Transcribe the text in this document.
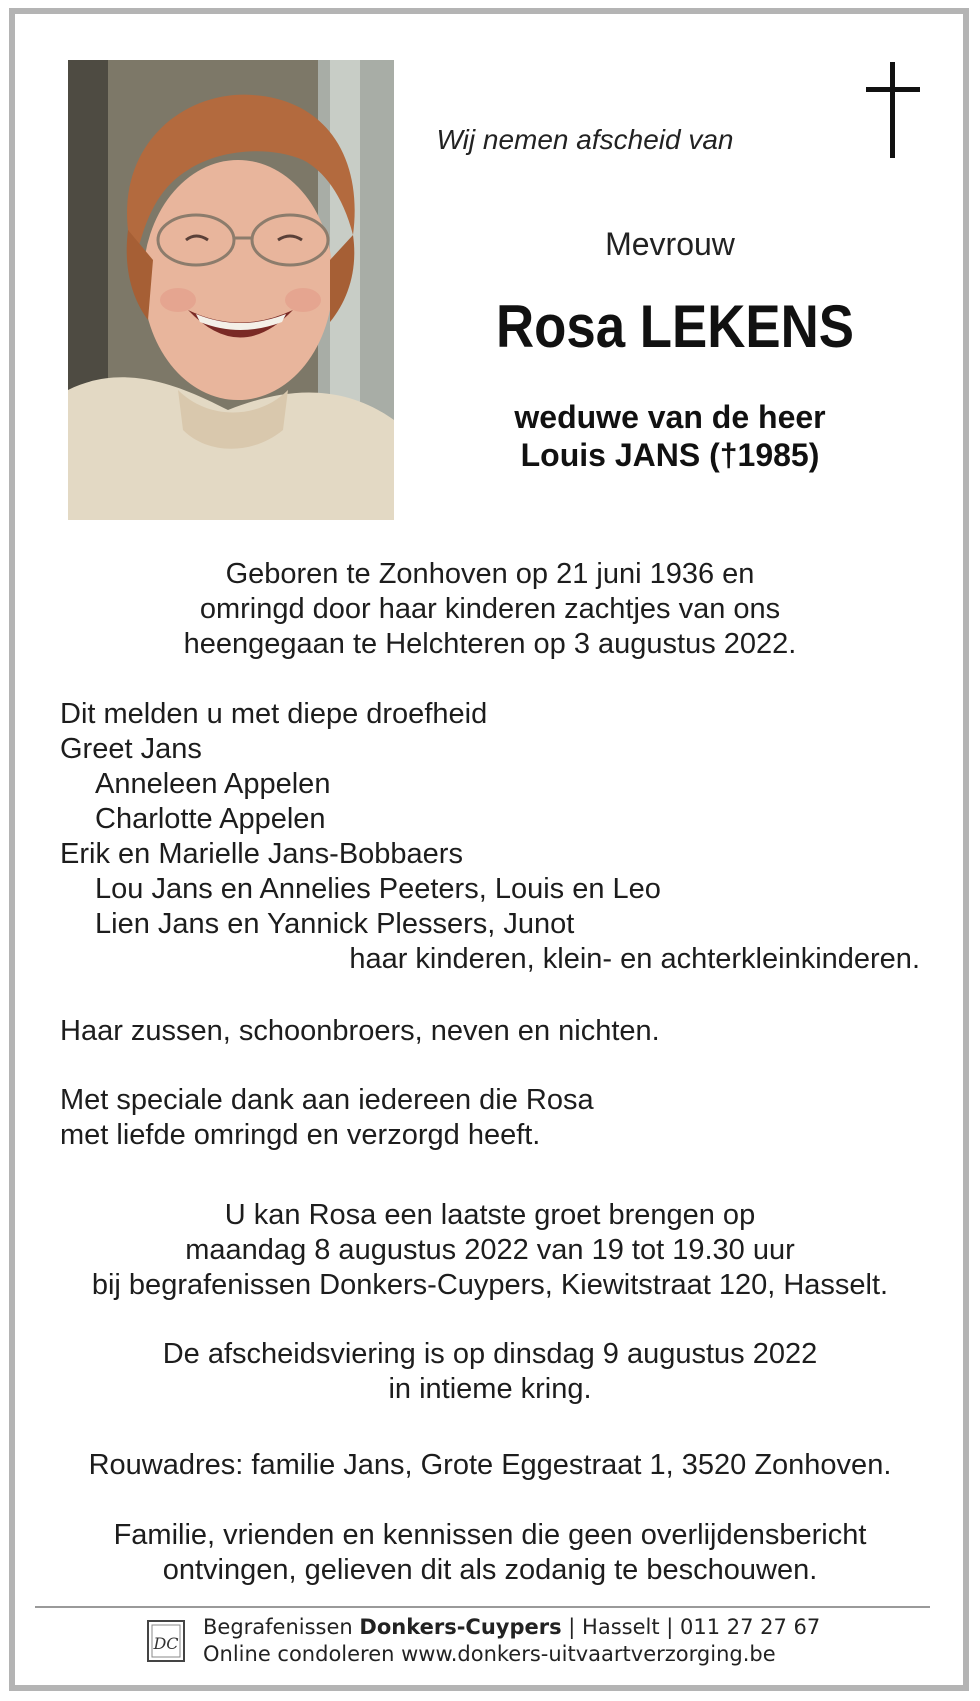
Wij nemen afscheid van
Mevrouw
Rosa LEKENS
weduwe van de heer
Louis JANS (†1985)
Geboren te Zonhoven op 21 juni 1936 en
omringd door haar kinderen zachtjes van ons
heengegaan te Helchteren op 3 augustus 2022.
Dit melden u met diepe droefheid
Greet Jans
Anneleen Appelen
Charlotte Appelen
Erik en Marielle Jans-Bobbaers
Lou Jans en Annelies Peeters, Louis en Leo
Lien Jans en Yannick Plessers, Junot
haar kinderen, klein- en achterkleinkinderen.
Haar zussen, schoonbroers, neven en nichten.
Met speciale dank aan iedereen die Rosa
met liefde omringd en verzorgd heeft.
U kan Rosa een laatste groet brengen op
maandag 8 augustus 2022 van 19 tot 19.30 uur
bij begrafenissen Donkers-Cuypers, Kiewitstraat 120, Hasselt.
De afscheidsviering is op dinsdag 9 augustus 2022
in intieme kring.
Rouwadres: familie Jans, Grote Eggestraat 1, 3520 Zonhoven.
Familie, vrienden en kennissen die geen overlijdensbericht
ontvingen, gelieven dit als zodanig te beschouwen.
DC
Begrafenissen Donkers-Cuypers | Hasselt | 011 27 27 67
Online condoleren www.donkers-uitvaartverzorging.be
